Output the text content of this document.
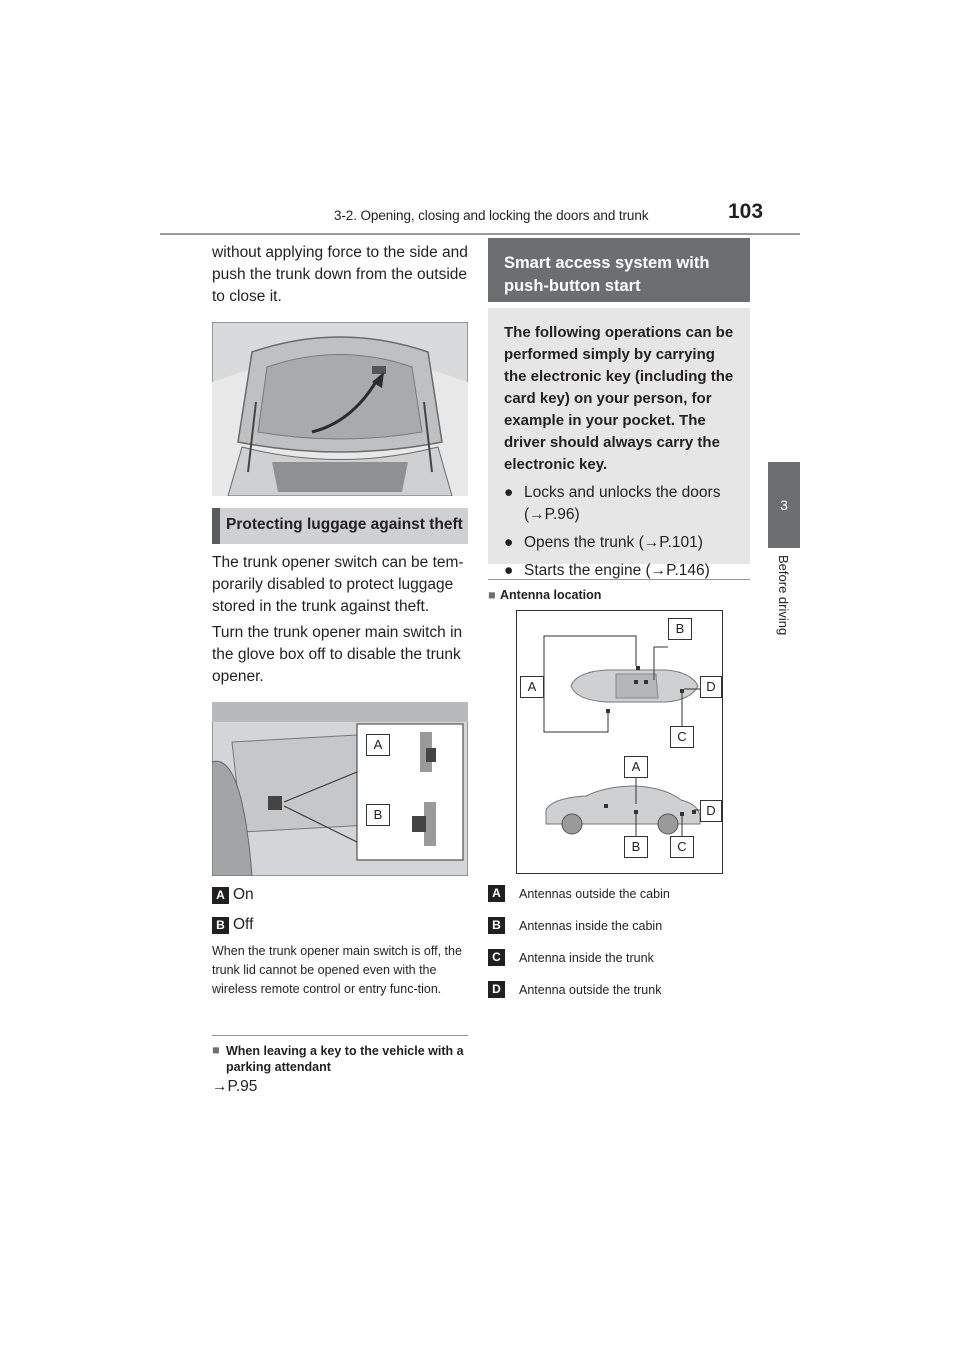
3-2. Opening, closing and locking the doors and trunk	103
3
Before driving
without applying force to the side and push the trunk down from the outside to close it.
Protecting luggage against theft
The trunk opener switch can be tem-porarily disabled to protect luggage stored in the trunk against theft.
Turn the trunk opener main switch in the glove box off to disable the trunk opener.
A
B
A On
B Off
When the trunk opener main switch is off, the trunk lid cannot be opened even with the wireless remote control or entry func-tion.
■ When leaving a key to the vehicle with a parking attendant
→P.95
Smart access system with push-button start
The following operations can be performed simply by carrying the electronic key (including the card key) on your person, for example in your pocket. The driver should always carry the electronic key.
● Locks and unlocks the doors (→P.96)
● Opens the trunk (→P.101)
● Starts the engine (→P.146)
■ Antenna location
B
A	D
C
A
D
B	C
A	Antennas outside the cabin
B	Antennas inside the cabin
C	Antenna inside the trunk
D	Antenna outside the trunk
